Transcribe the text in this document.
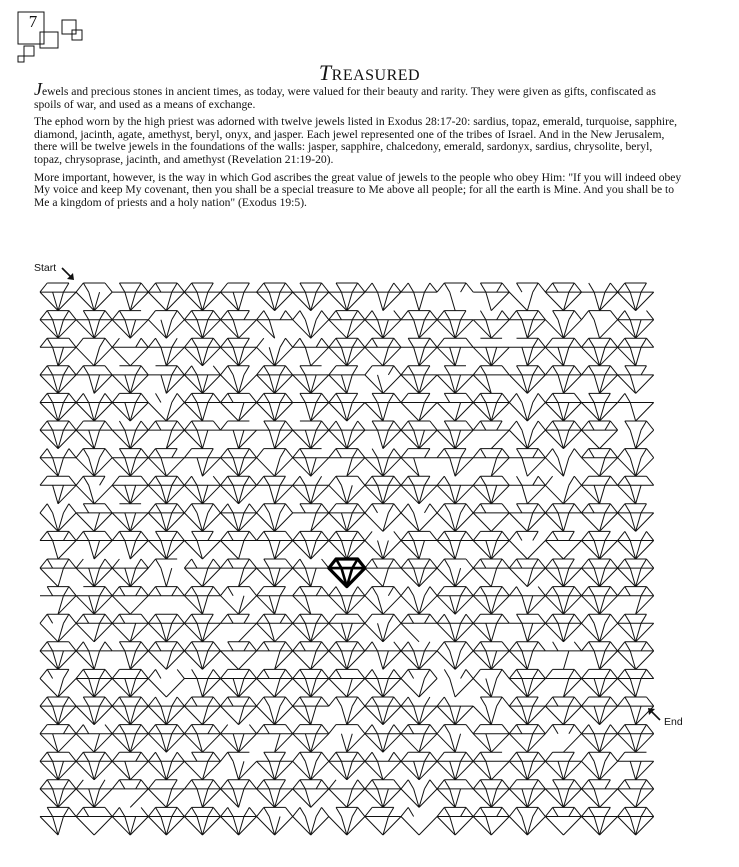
7
TREASURED

Jewels and precious stones in ancient times, as today, were valued for their beauty and rarity. They were given as gifts, confiscated as spoils of war, and used as a means of exchange.

The ephod worn by the high priest was adorned with twelve jewels listed in Exodus 28:17-20: sardius, topaz, emerald, turquoise, sapphire, diamond, jacinth, agate, amethyst, beryl, onyx, and jasper. Each jewel represented one of the tribes of Israel. And in the New Jerusalem, there will be twelve jewels in the foundations of the walls: jasper, sapphire, chalcedony, emerald, sardonyx, sardius, chrysolite, beryl, topaz, chrysoprase, jacinth, and amethyst (Revelation 21:19-20).

More important, however, is the way in which God ascribes the great value of jewels to the people who obey Him: "If you will indeed obey My voice and keep My covenant, then you shall be a special treasure to Me above all people; for all the earth is Mine. And you shall be to Me a kingdom of priests and a holy nation" (Exodus 19:5).

Start
End
